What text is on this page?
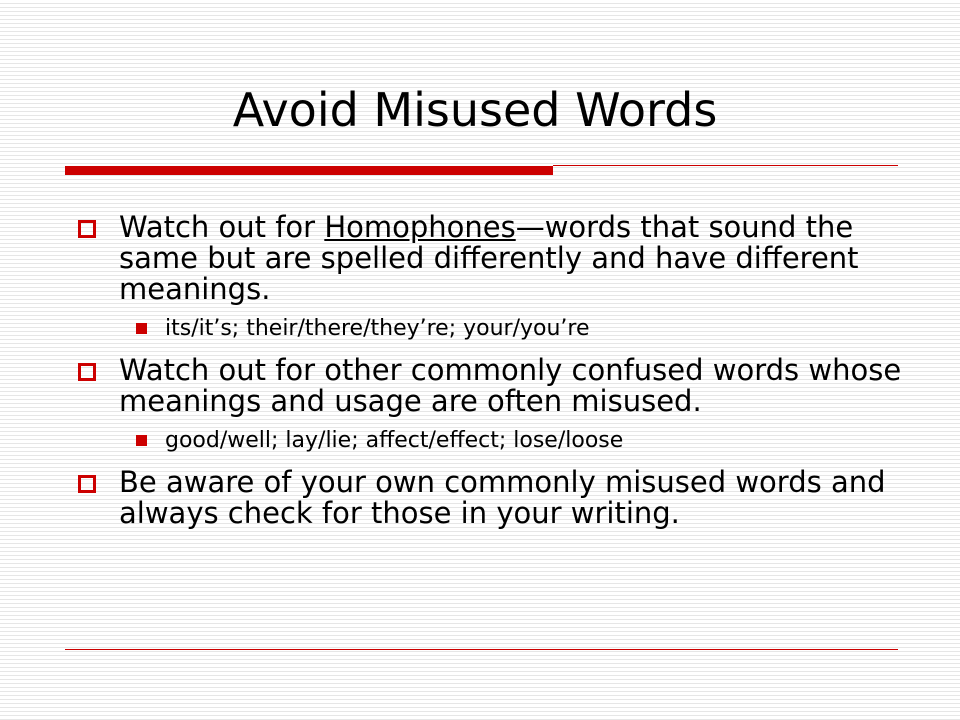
Avoid Misused Words
Watch out for Homophones—words that sound the same but are spelled differently and have different meanings.
its/it’s; their/there/they’re; your/you’re
Watch out for other commonly confused words whose meanings and usage are often misused.
good/well; lay/lie; affect/effect; lose/loose
Be aware of your own commonly misused words and always check for those in your writing.
